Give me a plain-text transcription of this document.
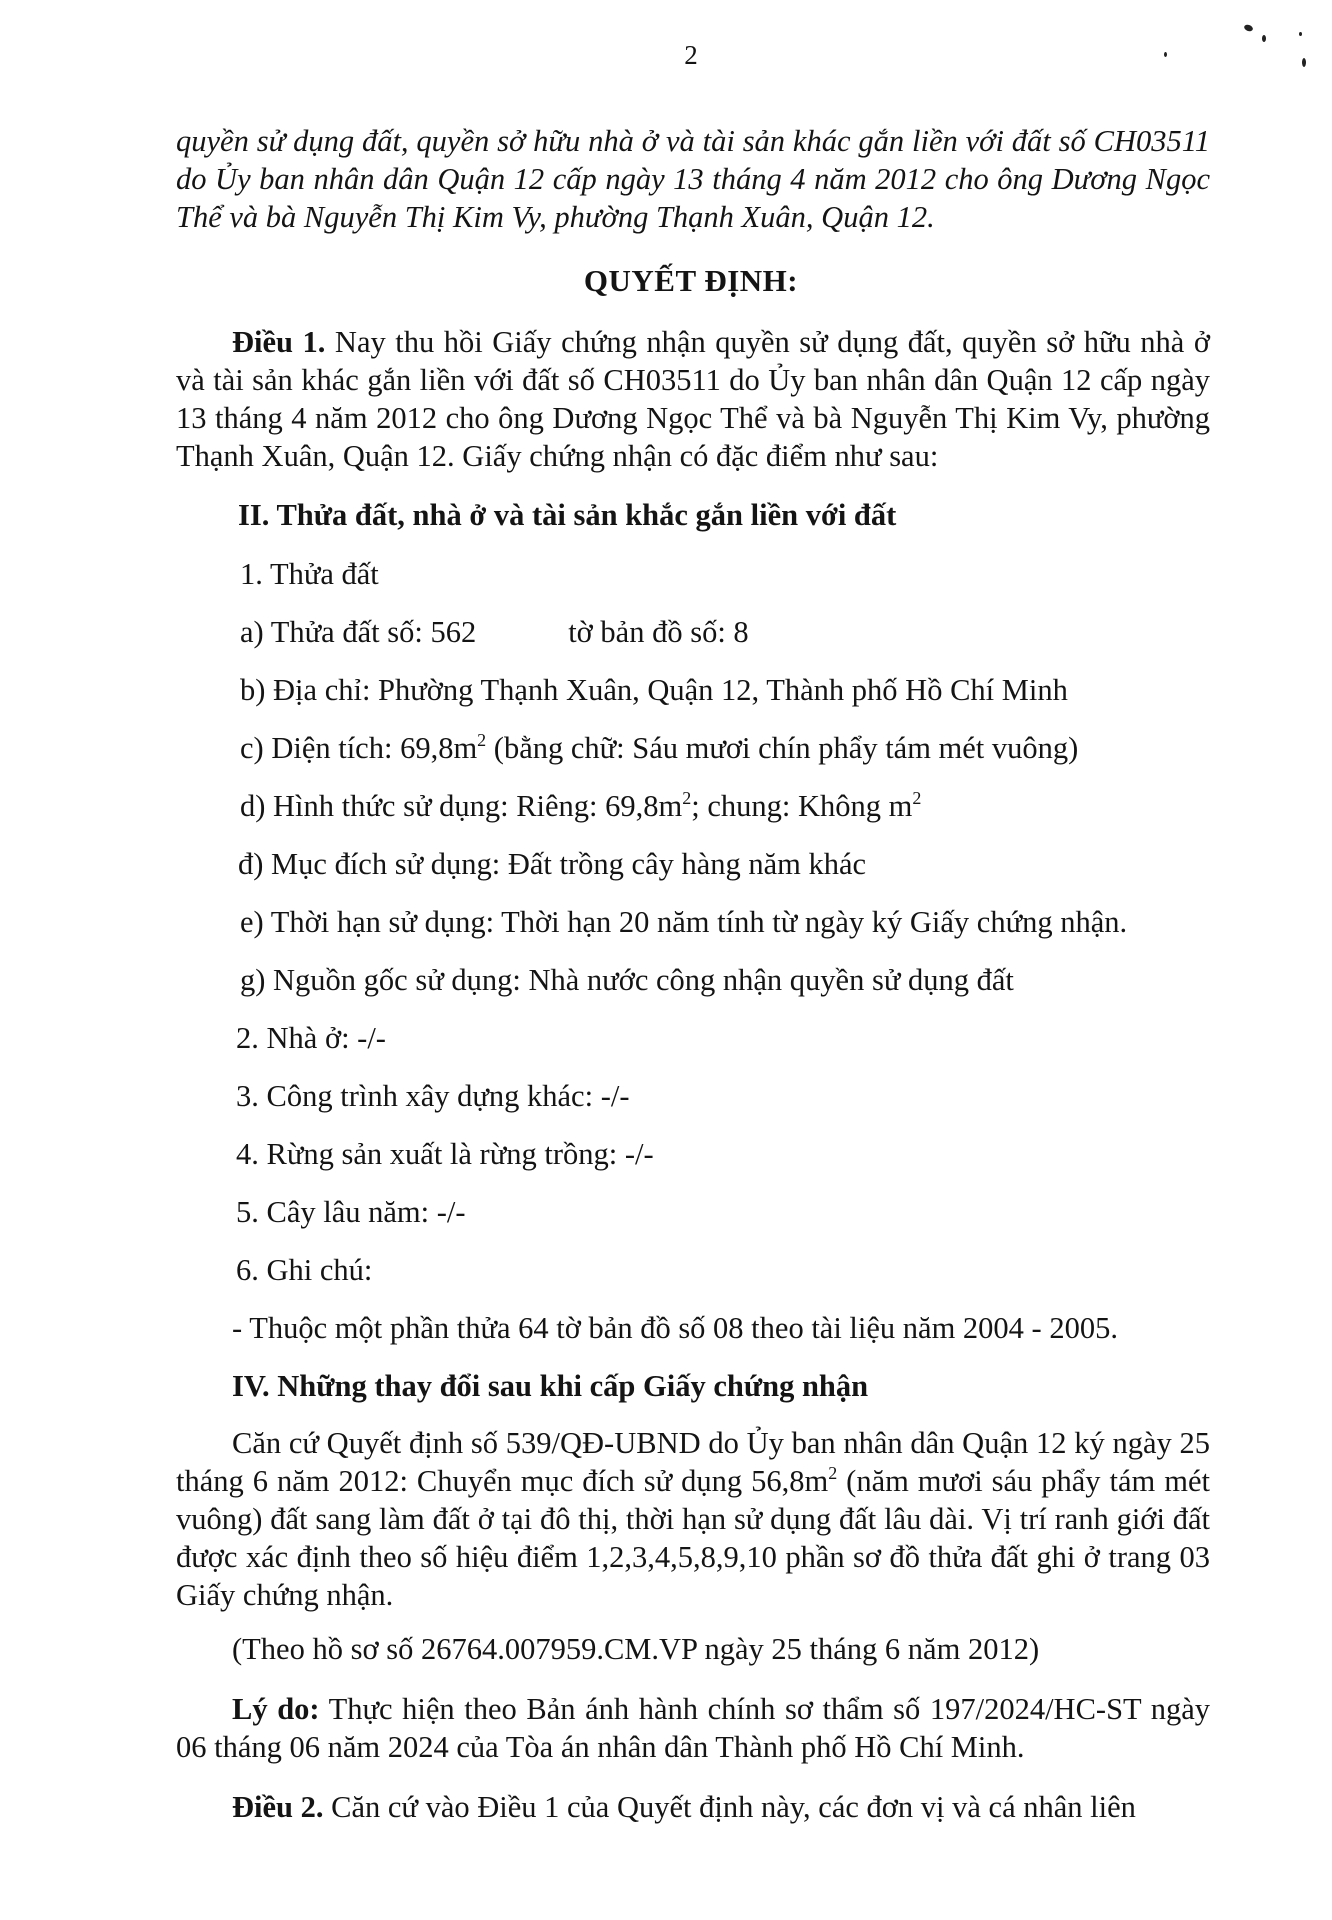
2
quyền sử dụng đất, quyền sở hữu nhà ở và tài sản khác gắn liền với đất số CH03511 do Ủy ban nhân dân Quận 12 cấp ngày 13 tháng 4 năm 2012 cho ông Dương Ngọc Thể và bà Nguyễn Thị Kim Vy, phường Thạnh Xuân, Quận 12.
QUYẾT ĐỊNH:
Điều 1. Nay thu hồi Giấy chứng nhận quyền sử dụng đất, quyền sở hữu nhà ở và tài sản khác gắn liền với đất số CH03511 do Ủy ban nhân dân Quận 12 cấp ngày 13 tháng 4 năm 2012 cho ông Dương Ngọc Thể và bà Nguyễn Thị Kim Vy, phường Thạnh Xuân, Quận 12. Giấy chứng nhận có đặc điểm như sau:
II. Thửa đất, nhà ở và tài sản khắc gắn liền với đất
1. Thửa đất
a) Thửa đất số: 562	tờ bản đồ số: 8
b) Địa chỉ: Phường Thạnh Xuân, Quận 12, Thành phố Hồ Chí Minh
c) Diện tích: $69,8m^2$ (bằng chữ: Sáu mươi chín phẩy tám mét vuông)
d) Hình thức sử dụng: Riêng: $69,8m^2$; chung: Không $m^2$
đ) Mục đích sử dụng: Đất trồng cây hàng năm khác
e) Thời hạn sử dụng: Thời hạn 20 năm tính từ ngày ký Giấy chứng nhận.
g) Nguồn gốc sử dụng: Nhà nước công nhận quyền sử dụng đất
2. Nhà ở: -/-
3. Công trình xây dựng khác: -/-
4. Rừng sản xuất là rừng trồng: -/-
5. Cây lâu năm: -/-
6. Ghi chú:
- Thuộc một phần thửa 64 tờ bản đồ số 08 theo tài liệu năm 2004 - 2005.
IV. Những thay đổi sau khi cấp Giấy chứng nhận
Căn cứ Quyết định số 539/QĐ-UBND do Ủy ban nhân dân Quận 12 ký ngày 25 tháng 6 năm 2012: Chuyển mục đích sử dụng $56,8m^2$ (năm mươi sáu phẩy tám mét vuông) đất sang làm đất ở tại đô thị, thời hạn sử dụng đất lâu dài. Vị trí ranh giới đất được xác định theo số hiệu điểm 1,2,3,4,5,8,9,10 phần sơ đồ thửa đất ghi ở trang 03 Giấy chứng nhận.
(Theo hồ sơ số 26764.007959.CM.VP ngày 25 tháng 6 năm 2012)
Lý do: Thực hiện theo Bản ánh hành chính sơ thẩm số 197/2024/HC-ST ngày 06 tháng 06 năm 2024 của Tòa án nhân dân Thành phố Hồ Chí Minh.
Điều 2. Căn cứ vào Điều 1 của Quyết định này, các đơn vị và cá nhân liên
